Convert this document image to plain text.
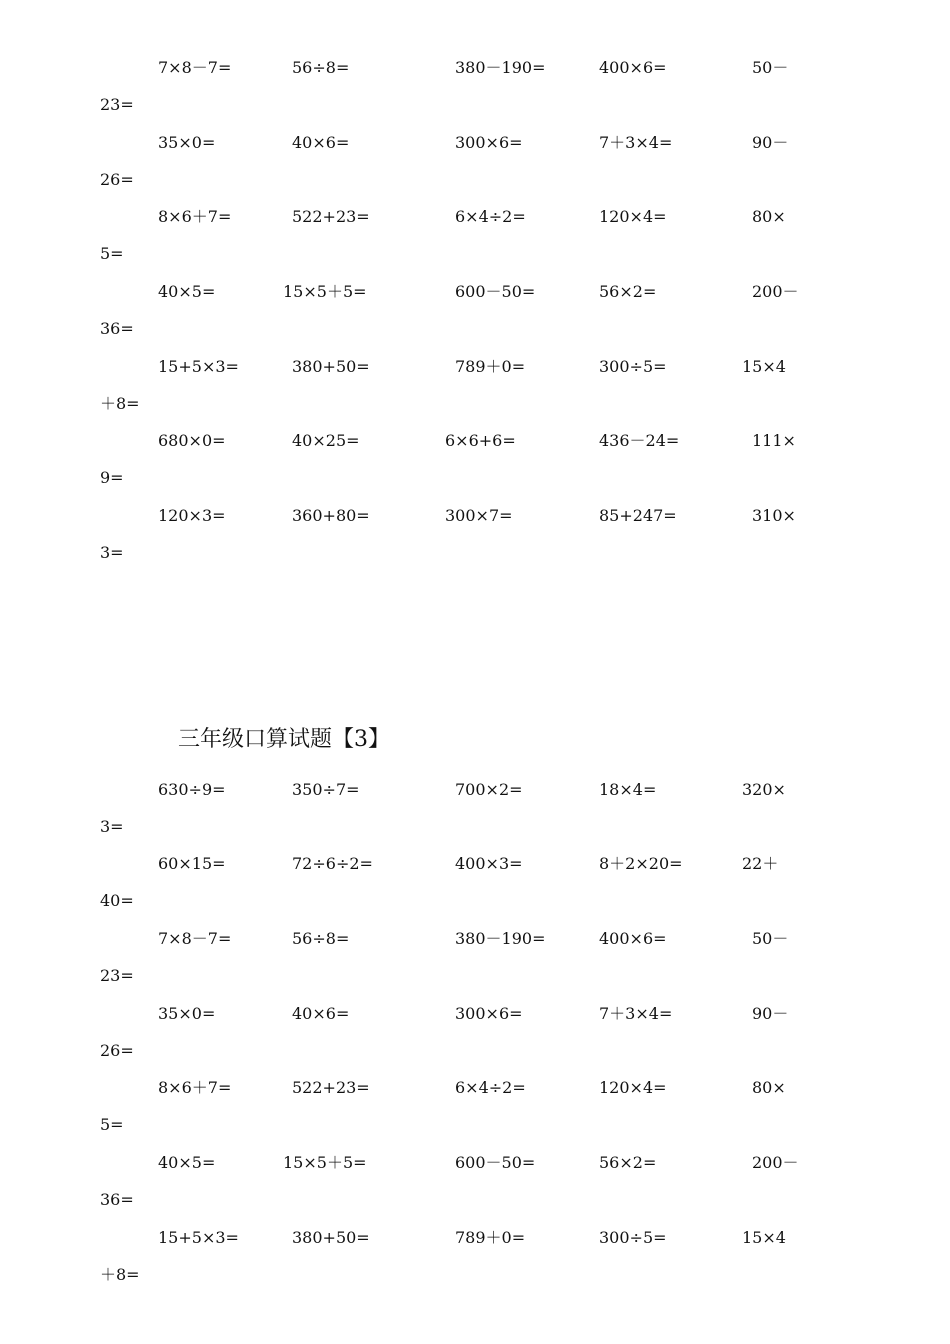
7×8－7=	56÷8=	380－190=	400×6=	50－
23=
35×0=	40×6=	300×6=	7＋3×4=	90－
26=
8×6＋7=	522+23=	6×4÷2=	120×4=	80×
5=
40×5=	15×5＋5=	600－50=	56×2=	200－
36=
15+5×3=	380+50=	789＋0=	300÷5=	15×4
＋8=
680×0=	40×25=	6×6+6=	436－24=	111×
9=
120×3=	360+80=	300×7=	85+247=	310×
3=
三年级口算试题【3】
630÷9=	350÷7=	700×2=	18×4=	320×
3=
60×15=	72÷6÷2=	400×3=	8＋2×20=	22＋
40=
7×8－7=	56÷8=	380－190=	400×6=	50－
23=
35×0=	40×6=	300×6=	7＋3×4=	90－
26=
8×6＋7=	522+23=	6×4÷2=	120×4=	80×
5=
40×5=	15×5＋5=	600－50=	56×2=	200－
36=
15+5×3=	380+50=	789＋0=	300÷5=	15×4
＋8=
